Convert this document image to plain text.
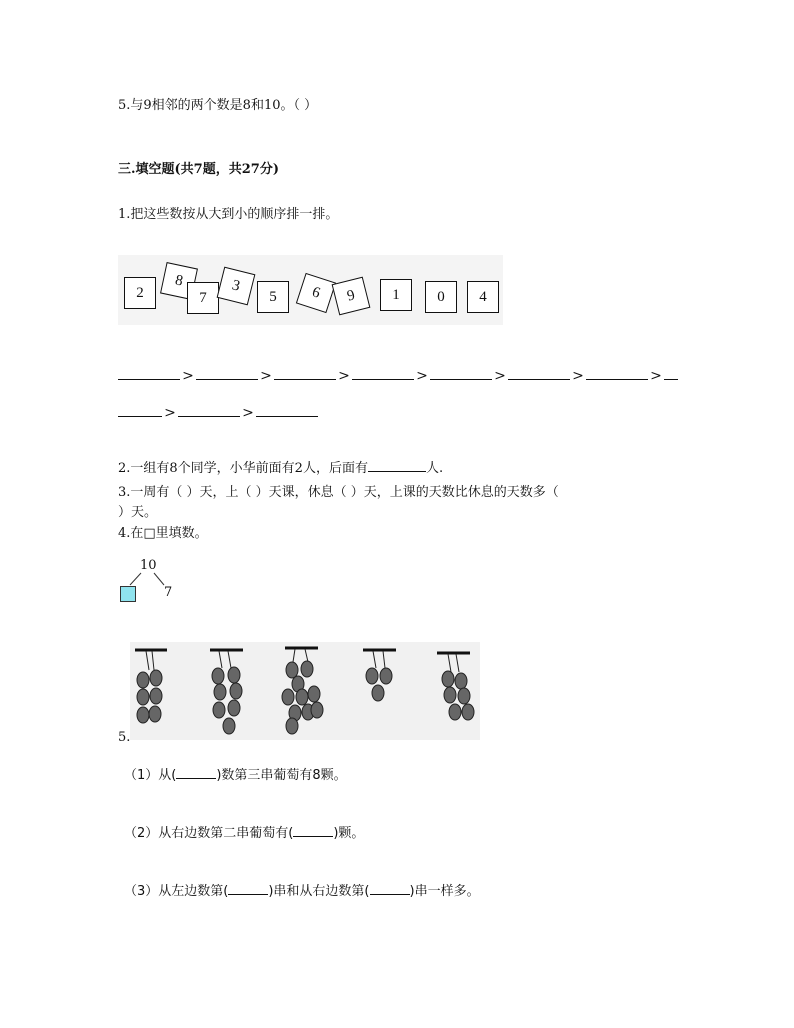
5.与9相邻的两个数是8和10。（ ）
三.填空题(共7题，共27分)
1.把这些数按从大到小的顺序排一排。
2
8
7
3
5	6	9	1	0	4
>	>	>	>	>	>	>
>	>
2.一组有8个同学，小华前面有2人，后面有	人.
3.一周有（ ）天，上（ ）天课，休息（ ）天，上课的天数比休息的天数多（
）天。
4.在□里填数。
10
7
5.
（1）从(	)数第三串葡萄有8颗。
（2）从右边数第二串葡萄有(	)颗。
（3）从左边数第(	)串和从右边数第(	)串一样多。
